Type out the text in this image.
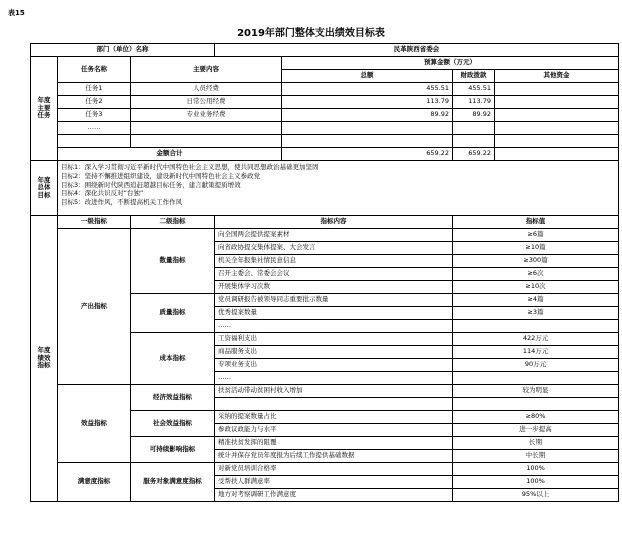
表15
2019年部门整体支出绩效目标表
部门（单位）名称			民革陕西省委会			
年度主要任务	任务名称	主要内容		预算金额（万元）		
				总额	财政拨款	其他资金
	任务1	人员经费		455.51	455.51	
	任务2	日常公用经费		113.79	113.79	
	任务3	专业业务经费		89.92	89.92	
	……					

	金额合计			659.22	659.22	
年度总体目标	目标1：深入学习贯彻习近平新时代中国特色社会主义思想，使共同思想政治基础更加坚固
目标2：坚持不懈推进组织建设，建设新时代中国特色社会主义参政党
目标3：围绕新时代陕西追赶超越目标任务，建言献策提质增效
目标4：深化共识反对“台独”
目标5：改进作风，不断提高机关工作作风					

年度绩效指标	一级指标	二级指标	指标内容		指标值	
	产出指标	数量指标	向全国两会提供提案素材		≥6篇	
			向省政协提交集体提案、大会发言		≥10篇	
			机关全年报集社情民意信息		≥300篇	
			召开主委会、常委会会议		≥6次	
			开展集体学习次数		≥10次	
		质量指标	党员调研报告被领导同志重要批示数量		≥4篇	
			优秀提案数量		≥3篇	
			……			
		成本指标	工资福利支出		422万元	
			商品服务支出		114万元	
			专项业务支出		90万元	
			……			
	效益指标	经济效益指标	扶贫活动带动贫困村收入增加		较为明显	

		社会效益指标	采纳的提案数量占比		≥80%	
			参政议政能力与水平		进一步提高	
		可持续影响指标	精准扶贫发挥的阻覆		长期	
			统计并保存党员年度报为后续工作提供基础数据		中长期	
	满意度指标	服务对象满意度指标	对新党员培训合格率		100%	
			受帮扶人群满意率		100%	
			地方对考察调研工作满意度		95%以上	
